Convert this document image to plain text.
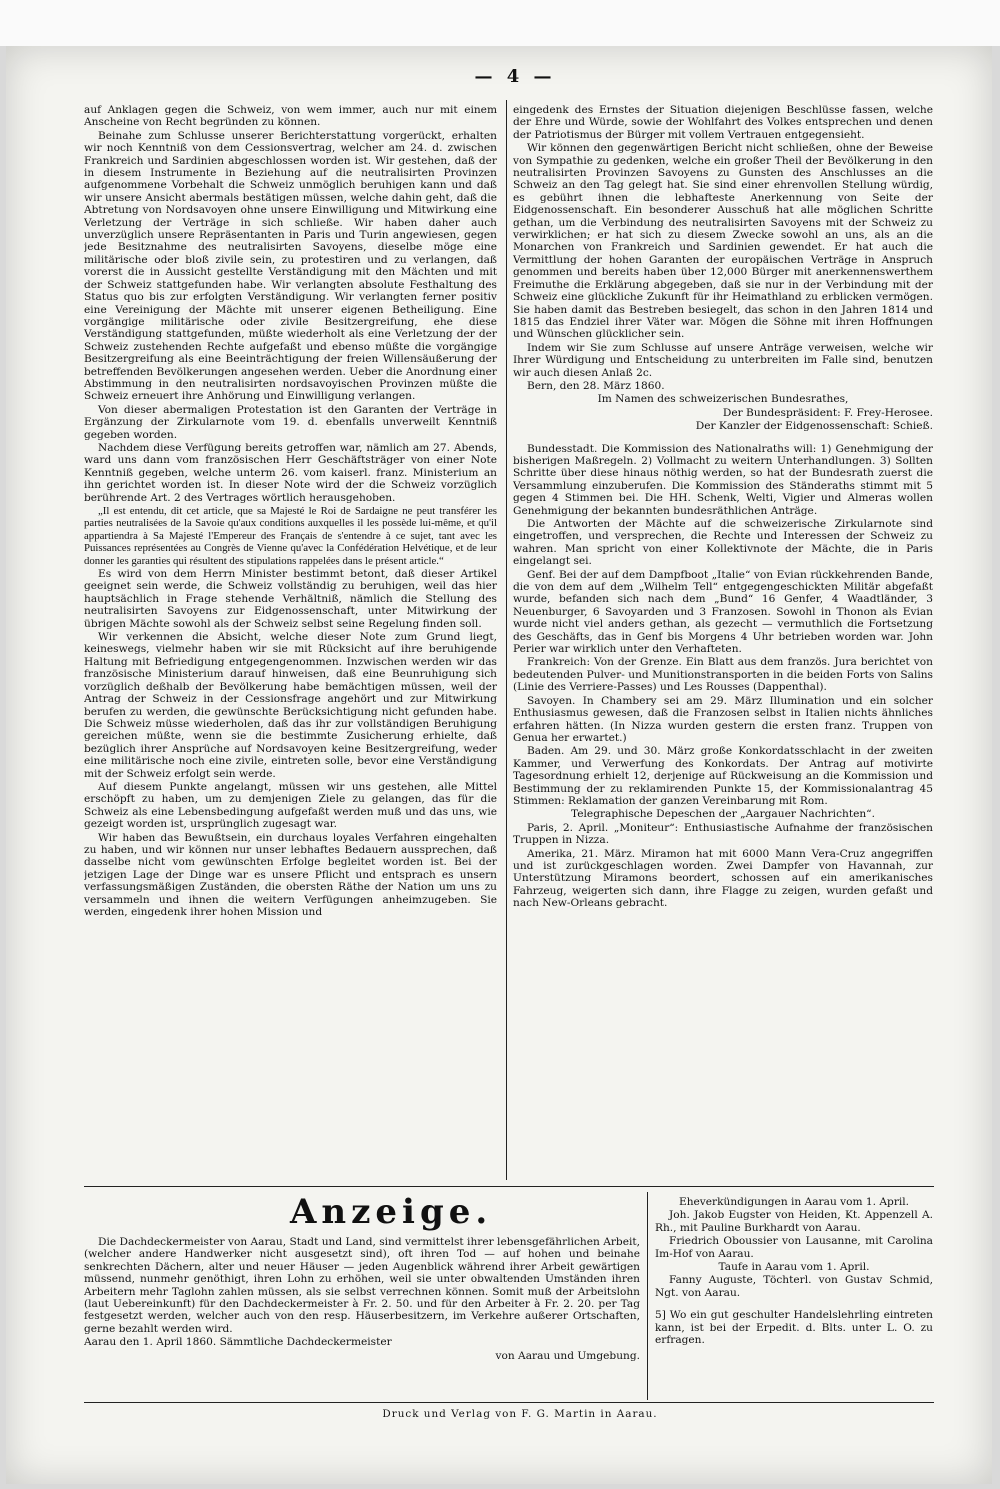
— 4 —

auf Anklagen gegen die Schweiz, von wem immer, auch nur mit einem Anscheine von Recht begründen zu können.

Beinahe zum Schlusse unserer Berichterstattung vorgerückt, erhalten wir noch Kenntniß von dem Cessionsvertrag, welcher am 24. d. zwischen Frankreich und Sardinien abgeschlossen worden ist. Wir gestehen, daß der in diesem Instrumente in Beziehung auf die neutralisirten Provinzen aufgenommene Vorbehalt die Schweiz unmöglich beruhigen kann und daß wir unsere Ansicht abermals bestätigen müssen, welche dahin geht, daß die Abtretung von Nordsavoyen ohne unsere Einwilligung und Mitwirkung eine Verletzung der Verträge in sich schließe. Wir haben daher auch unverzüglich unsere Repräsentanten in Paris und Turin angewiesen, gegen jede Besitznahme des neutralisirten Savoyens, dieselbe möge eine militärische oder bloß zivile sein, zu protestiren und zu verlangen, daß vorerst die in Aussicht gestellte Verständigung mit den Mächten und mit der Schweiz stattgefunden habe. Wir verlangten absolute Festhaltung des Status quo bis zur erfolgten Verständigung. Wir verlangten ferner positiv eine Vereinigung der Mächte mit unserer eigenen Betheiligung. Eine vorgängige militärische oder zivile Besitzergreifung, ehe diese Verständigung stattgefunden, müßte wiederholt als eine Verletzung der der Schweiz zustehenden Rechte aufgefaßt und ebenso müßte die vorgängige Besitzergreifung als eine Beeinträchtigung der freien Willensäußerung der betreffenden Bevölkerungen angesehen werden. Ueber die Anordnung einer Abstimmung in den neutralisirten nordsavoyischen Provinzen müßte die Schweiz erneuert ihre Anhörung und Einwilligung verlangen.

Von dieser abermaligen Protestation ist den Garanten der Verträge in Ergänzung der Zirkularnote vom 19. d. ebenfalls unverweilt Kenntniß gegeben worden.

Nachdem diese Verfügung bereits getroffen war, nämlich am 27. Abends, ward uns dann vom französischen Herr Geschäftsträger von einer Note Kenntniß gegeben, welche unterm 26. vom kaiserl. franz. Ministerium an ihn gerichtet worden ist. In dieser Note wird der die Schweiz vorzüglich berührende Art. 2 des Vertrages wörtlich herausgehoben.

„Il est entendu, dit cet article, que sa Majesté le Roi de Sardaigne ne peut transférer les parties neutralisées de la Savoie qu'aux conditions auxquelles il les possède lui-même, et qu'il appartiendra à Sa Majesté l'Empereur des Français de s'entendre à ce sujet, tant avec les Puissances représentées au Congrès de Vienne qu'avec la Confédération Helvétique, et de leur donner les garanties qui résultent des stipulations rappelées dans le présent article.“

Es wird von dem Herrn Minister bestimmt betont, daß dieser Artikel geeignet sein werde, die Schweiz vollständig zu beruhigen, weil das hier hauptsächlich in Frage stehende Verhältniß, nämlich die Stellung des neutralisirten Savoyens zur Eidgenossenschaft, unter Mitwirkung der übrigen Mächte sowohl als der Schweiz selbst seine Regelung finden soll.

Wir verkennen die Absicht, welche dieser Note zum Grund liegt, keineswegs, vielmehr haben wir sie mit Rücksicht auf ihre beruhigende Haltung mit Befriedigung entgegengenommen. Inzwischen werden wir das französische Ministerium darauf hinweisen, daß eine Beunruhigung sich vorzüglich deßhalb der Bevölkerung habe bemächtigen müssen, weil der Antrag der Schweiz in der Cessionsfrage angehört und zur Mitwirkung berufen zu werden, die gewünschte Berücksichtigung nicht gefunden habe. Die Schweiz müsse wiederholen, daß das ihr zur vollständigen Beruhigung gereichen müßte, wenn sie die bestimmte Zusicherung erhielte, daß bezüglich ihrer Ansprüche auf Nordsavoyen keine Besitzergreifung, weder eine militärische noch eine zivile, eintreten solle, bevor eine Verständigung mit der Schweiz erfolgt sein werde.

Auf diesem Punkte angelangt, müssen wir uns gestehen, alle Mittel erschöpft zu haben, um zu demjenigen Ziele zu gelangen, das für die Schweiz als eine Lebensbedingung aufgefaßt werden muß und das uns, wie gezeigt worden ist, ursprünglich zugesagt war.

Wir haben das Bewußtsein, ein durchaus loyales Verfahren eingehalten zu haben, und wir können nur unser lebhaftes Bedauern aussprechen, daß dasselbe nicht vom gewünschten Erfolge begleitet worden ist. Bei der jetzigen Lage der Dinge war es unsere Pflicht und entsprach es unsern verfassungsmäßigen Zuständen, die obersten Räthe der Nation um uns zu versammeln und ihnen die weitern Verfügungen anheimzugeben. Sie werden, eingedenk ihrer hohen Mission und

eingedenk des Ernstes der Situation diejenigen Beschlüsse fassen, welche der Ehre und Würde, sowie der Wohlfahrt des Volkes entsprechen und denen der Patriotismus der Bürger mit vollem Vertrauen entgegensieht.

Wir können den gegenwärtigen Bericht nicht schließen, ohne der Beweise von Sympathie zu gedenken, welche ein großer Theil der Bevölkerung in den neutralisirten Provinzen Savoyens zu Gunsten des Anschlusses an die Schweiz an den Tag gelegt hat. Sie sind einer ehrenvollen Stellung würdig, es gebührt ihnen die lebhafteste Anerkennung von Seite der Eidgenossenschaft. Ein besonderer Ausschuß hat alle möglichen Schritte gethan, um die Verbindung des neutralisirten Savoyens mit der Schweiz zu verwirklichen; er hat sich zu diesem Zwecke sowohl an uns, als an die Monarchen von Frankreich und Sardinien gewendet. Er hat auch die Vermittlung der hohen Garanten der europäischen Verträge in Anspruch genommen und bereits haben über 12,000 Bürger mit anerkennenswerthem Freimuthe die Erklärung abgegeben, daß sie nur in der Verbindung mit der Schweiz eine glückliche Zukunft für ihr Heimathland zu erblicken vermögen. Sie haben damit das Bestreben besiegelt, das schon in den Jahren 1814 und 1815 das Endziel ihrer Väter war. Mögen die Söhne mit ihren Hoffnungen und Wünschen glücklicher sein.

Indem wir Sie zum Schlusse auf unsere Anträge verweisen, welche wir Ihrer Würdigung und Entscheidung zu unterbreiten im Falle sind, benutzen wir auch diesen Anlaß 2c.

Bern, den 28. März 1860.

Im Namen des schweizerischen Bundesrathes,

Der Bundespräsident: F. Frey-Herosee.

Der Kanzler der Eidgenossenschaft: Schieß.

Bundesstadt. Die Kommission des Nationalraths will: 1) Genehmigung der bisherigen Maßregeln. 2) Vollmacht zu weitern Unterhandlungen. 3) Sollten Schritte über diese hinaus nöthig werden, so hat der Bundesrath zuerst die Versammlung einzuberufen. Die Kommission des Ständeraths stimmt mit 5 gegen 4 Stimmen bei. Die HH. Schenk, Welti, Vigier und Almeras wollen Genehmigung der bekannten bundesräthlichen Anträge.

Die Antworten der Mächte auf die schweizerische Zirkularnote sind eingetroffen, und versprechen, die Rechte und Interessen der Schweiz zu wahren. Man spricht von einer Kollektivnote der Mächte, die in Paris eingelangt sei.

Genf. Bei der auf dem Dampfboot „Italie“ von Evian rückkehrenden Bande, die von dem auf dem „Wilhelm Tell“ entgegengeschickten Militär abgefaßt wurde, befanden sich nach dem „Bund“ 16 Genfer, 4 Waadtländer, 3 Neuenburger, 6 Savoyarden und 3 Franzosen. Sowohl in Thonon als Evian wurde nicht viel anders gethan, als gezecht — vermuthlich die Fortsetzung des Geschäfts, das in Genf bis Morgens 4 Uhr betrieben worden war. John Perier war wirklich unter den Verhafteten.

Frankreich: Von der Grenze. Ein Blatt aus dem französ. Jura berichtet von bedeutenden Pulver- und Munitionstransporten in die beiden Forts von Salins (Linie des Verriere-Passes) und Les Rousses (Dappenthal).

Savoyen. In Chambery sei am 29. März Illumination und ein solcher Enthusiasmus gewesen, daß die Franzosen selbst in Italien nichts ähnliches erfahren hätten. (In Nizza wurden gestern die ersten franz. Truppen von Genua her erwartet.)

Baden. Am 29. und 30. März große Konkordatsschlacht in der zweiten Kammer, und Verwerfung des Konkordats. Der Antrag auf motivirte Tagesordnung erhielt 12, derjenige auf Rückweisung an die Kommission und Bestimmung der zu reklamirenden Punkte 15, der Kommissionalantrag 45 Stimmen: Reklamation der ganzen Vereinbarung mit Rom.

Telegraphische Depeschen der „Aargauer Nachrichten“.

Paris, 2. April. „Moniteur“: Enthusiastische Aufnahme der französischen Truppen in Nizza.

Amerika, 21. März. Miramon hat mit 6000 Mann Vera-Cruz angegriffen und ist zurückgeschlagen worden. Zwei Dampfer von Havannah, zur Unterstützung Miramons beordert, schossen auf ein amerikanisches Fahrzeug, weigerten sich dann, ihre Flagge zu zeigen, wurden gefaßt und nach New-Orleans gebracht.

Anzeige.

Die Dachdeckermeister von Aarau, Stadt und Land, sind vermittelst ihrer lebensgefährlichen Arbeit, (welcher andere Handwerker nicht ausgesetzt sind), oft ihren Tod — auf hohen und beinahe senkrechten Dächern, alter und neuer Häuser — jeden Augenblick während ihrer Arbeit gewärtigen müssend, nunmehr genöthigt, ihren Lohn zu erhöhen, weil sie unter obwaltenden Umständen ihren Arbeitern mehr Taglohn zahlen müssen, als sie selbst verrechnen können. Somit muß der Arbeitslohn (laut Uebereinkunft) für den Dachdeckermeister à Fr. 2. 50. und für den Arbeiter à Fr. 2. 20. per Tag festgesetzt werden, welcher auch von den resp. Häuserbesitzern, im Verkehre außerer Ortschaften, gerne bezahlt werden wird.

Aarau den 1. April 1860. Sämmtliche Dachdeckermeister

von Aarau und Umgebung.

Eheverkündigungen in Aarau vom 1. April.

Joh. Jakob Eugster von Heiden, Kt. Appenzell A. Rh., mit Pauline Burkhardt von Aarau.

Friedrich Oboussier von Lausanne, mit Carolina Im-Hof von Aarau.

Taufe in Aarau vom 1. April.

Fanny Auguste, Töchterl. von Gustav Schmid, Ngt. von Aarau.

5] Wo ein gut geschulter Handelslehrling eintreten kann, ist bei der Erpedit. d. Blts. unter L. O. zu erfragen.

Druck und Verlag von F. G. Martin in Aarau.
